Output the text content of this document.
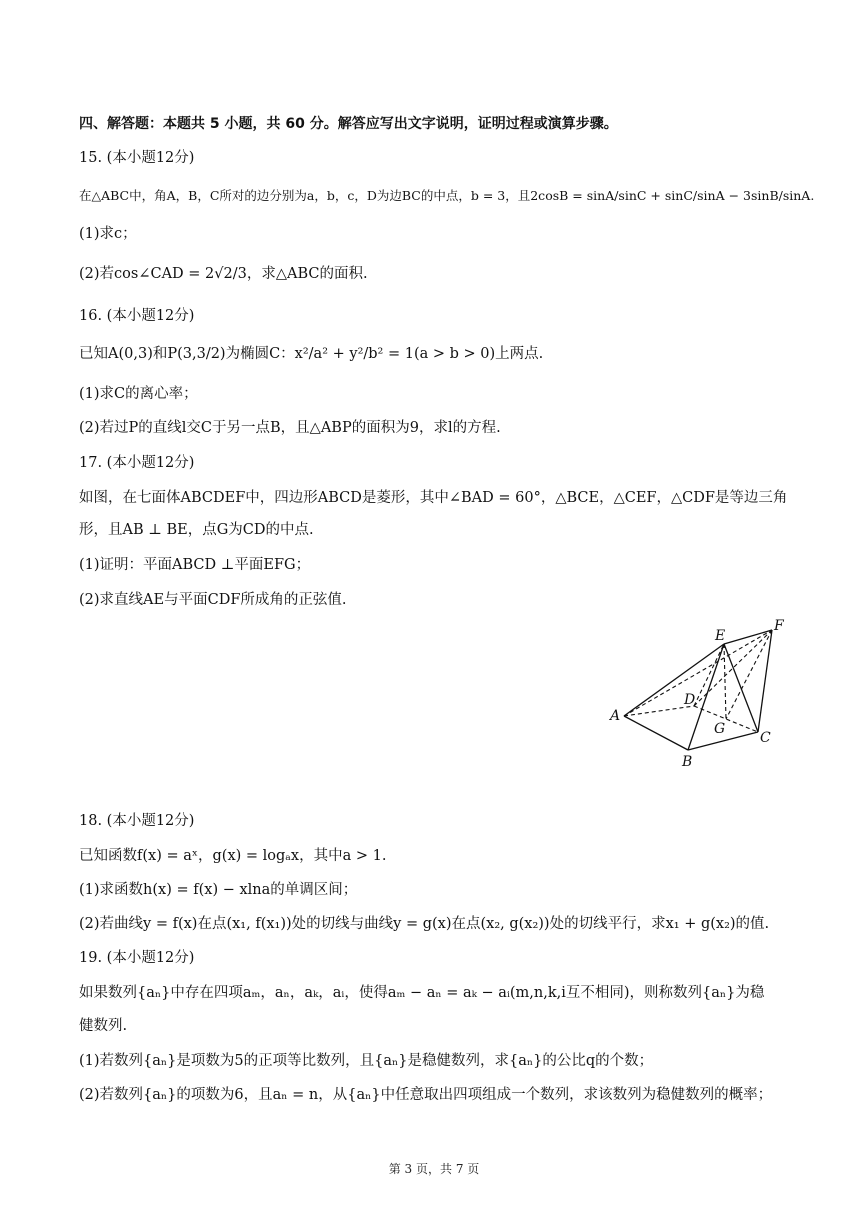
四、解答题：本题共 5 小题，共 60 分。解答应写出文字说明，证明过程或演算步骤。
15. (本小题12分)
在△ABC中，角A，B，C所对的边分别为a，b，c，D为边BC的中点，b = 3，且2cosB = sinA/sinC + sinC/sinA − 3sinB/sinA.
(1)求c；
(2)若cos∠CAD = 2√2/3，求△ABC的面积.
16. (本小题12分)
已知A(0,3)和P(3,3/2)为椭圆C：x²/a² + y²/b² = 1(a > b > 0)上两点.
(1)求C的离心率；
(2)若过P的直线l交C于另一点B，且△ABP的面积为9，求l的方程.
17. (本小题12分)
如图，在七面体ABCDEF中，四边形ABCD是菱形，其中∠BAD = 60°，△BCE，△CEF，△CDF是等边三角
形，且AB ⊥ BE，点G为CD的中点.
(1)证明：平面ABCD ⊥平面EFG；
(2)求直线AE与平面CDF所成角的正弦值.
A
B
C
D
E
F
G
18. (本小题12分)
已知函数f(x) = aˣ，g(x) = logₐx，其中a > 1.
(1)求函数h(x) = f(x) − xlna的单调区间；
(2)若曲线y = f(x)在点(x₁, f(x₁))处的切线与曲线y = g(x)在点(x₂, g(x₂))处的切线平行，求x₁ + g(x₂)的值.
19. (本小题12分)
如果数列{aₙ}中存在四项aₘ，aₙ，aₖ，aᵢ，使得aₘ − aₙ = aₖ − aᵢ(m,n,k,i互不相同)，则称数列{aₙ}为稳
健数列.
(1)若数列{aₙ}是项数为5的正项等比数列，且{aₙ}是稳健数列，求{aₙ}的公比q的个数；
(2)若数列{aₙ}的项数为6，且aₙ = n，从{aₙ}中任意取出四项组成一个数列，求该数列为稳健数列的概率；
第 3 页，共 7 页
